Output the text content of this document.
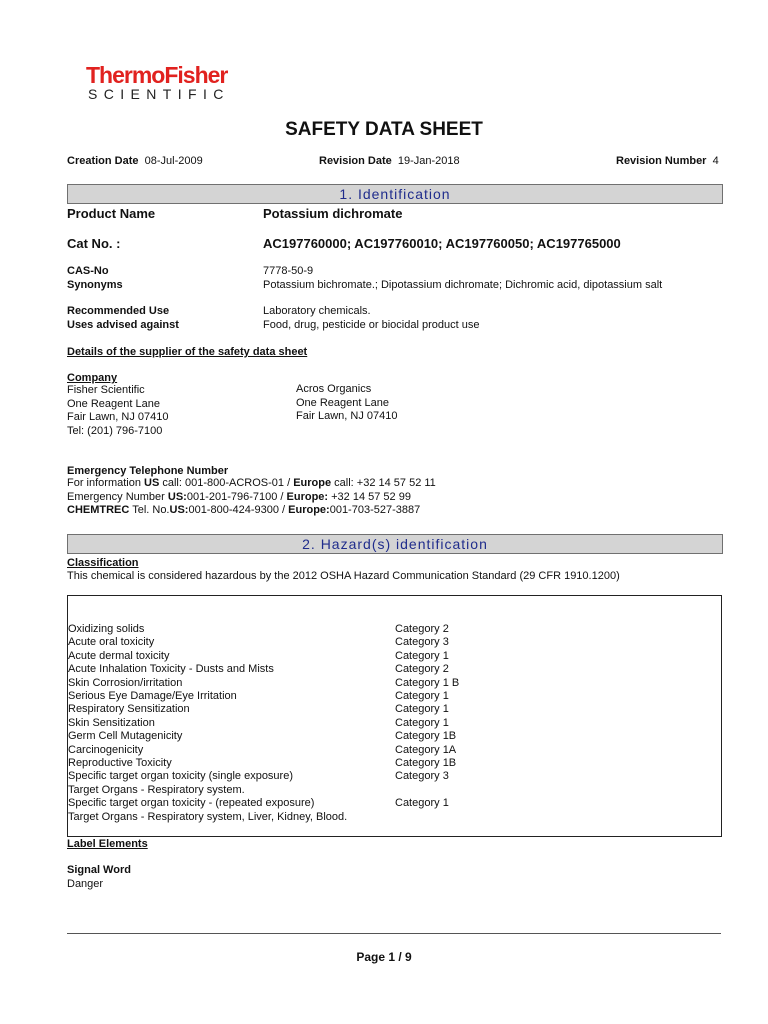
ThermoFisher
SCIENTIFIC
SAFETY DATA SHEET
Creation Date 08-Jul-2009	Revision Date 19-Jan-2018	Revision Number 4
1. Identification
Product Name	Potassium dichromate
Cat No. :	AC197760000; AC197760010; AC197760050; AC197765000
CAS-No	7778-50-9
Synonyms	Potassium bichromate.; Dipotassium dichromate; Dichromic acid, dipotassium salt
Recommended Use	Laboratory chemicals.
Uses advised against	Food, drug, pesticide or biocidal product use
Details of the supplier of the safety data sheet
Company
Fisher Scientific
One Reagent Lane
Fair Lawn, NJ 07410
Tel: (201) 796-7100
Acros Organics
One Reagent Lane
Fair Lawn, NJ 07410
Emergency Telephone Number
For information US call: 001-800-ACROS-01 / Europe call: +32 14 57 52 11
Emergency Number US:001-201-796-7100 / Europe: +32 14 57 52 99
CHEMTREC Tel. No.US:001-800-424-9300 / Europe:001-703-527-3887
2. Hazard(s) identification
Classification
This chemical is considered hazardous by the 2012 OSHA Hazard Communication Standard (29 CFR 1910.1200)
Oxidizing solids	Category 2
Acute oral toxicity	Category 3
Acute dermal toxicity	Category 1
Acute Inhalation Toxicity - Dusts and Mists	Category 2
Skin Corrosion/irritation	Category 1 B
Serious Eye Damage/Eye Irritation	Category 1
Respiratory Sensitization	Category 1
Skin Sensitization	Category 1
Germ Cell Mutagenicity	Category 1B
Carcinogenicity	Category 1A
Reproductive Toxicity	Category 1B
Specific target organ toxicity (single exposure)	Category 3
Target Organs - Respiratory system.
Specific target organ toxicity - (repeated exposure)	Category 1
Target Organs - Respiratory system, Liver, Kidney, Blood.
Label Elements
Signal Word
Danger
Page 1 / 9
